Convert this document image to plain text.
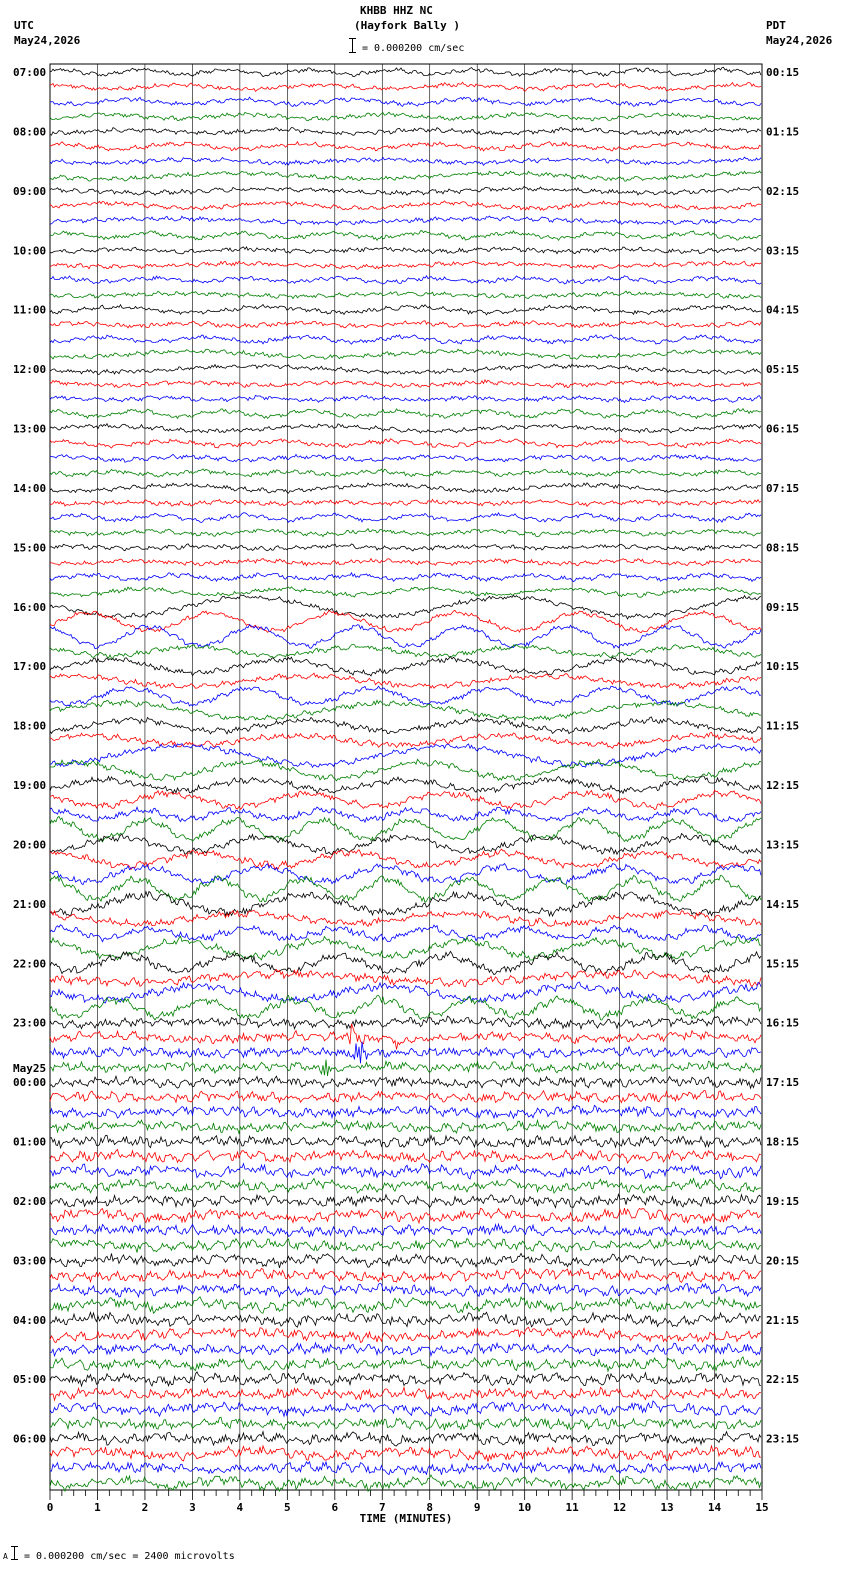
KHBB HHZ NC
(Hayfork Bally )
= 0.000200 cm/sec
UTC
May24,2026
PDT
May24,2026
07:00	00:15
08:00	01:15
09:00	02:15
10:00	03:15
11:00	04:15
12:00	05:15
13:00	06:15
14:00	07:15
15:00	08:15
16:00	09:15
17:00	10:15
18:00	11:15
19:00	12:15
20:00	13:15
21:00	14:15
22:00	15:15
23:00	16:15
00:00	17:15
May25
01:00	18:15
02:00	19:15
03:00	20:15
04:00	21:15
05:00	22:15
06:00	23:15
0	1	2	3	4	5	6	7	8	9	10	11	12	13	14	15
TIME (MINUTES)
A = 0.000200 cm/sec = 2400 microvolts
